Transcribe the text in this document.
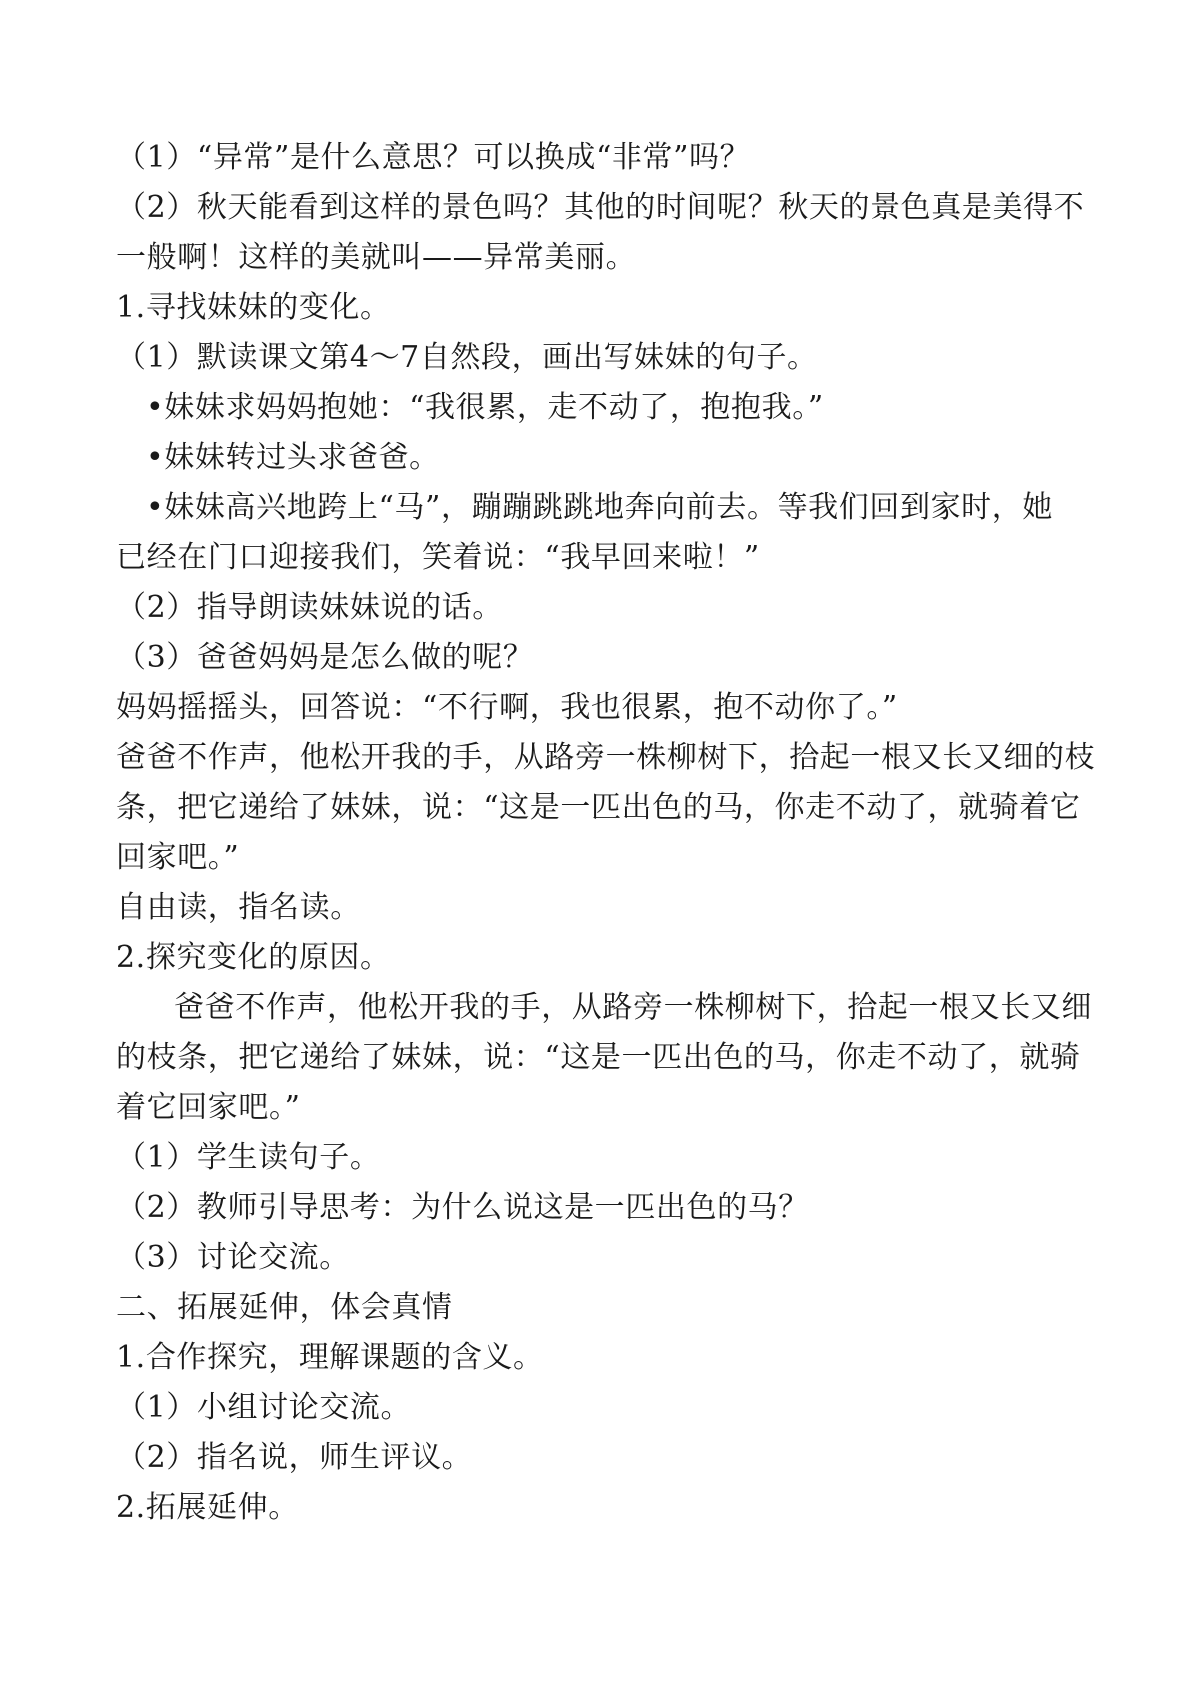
（1）“异常”是什么意思？可以换成“非常”吗？
（2）秋天能看到这样的景色吗？其他的时间呢？秋天的景色真是美得不
一般啊！这样的美就叫——异常美丽。
1.寻找妹妹的变化。
（1）默读课文第4～7自然段，画出写妹妹的句子。
•妹妹求妈妈抱她：“我很累，走不动了，抱抱我。”
•妹妹转过头求爸爸。
•妹妹高兴地跨上“马”，蹦蹦跳跳地奔向前去。等我们回到家时，她
已经在门口迎接我们，笑着说：“我早回来啦！”
（2）指导朗读妹妹说的话。
（3）爸爸妈妈是怎么做的呢？
妈妈摇摇头，回答说：“不行啊，我也很累，抱不动你了。”
爸爸不作声，他松开我的手，从路旁一株柳树下，拾起一根又长又细的枝
条，把它递给了妹妹，说：“这是一匹出色的马，你走不动了，就骑着它
回家吧。”
自由读，指名读。
2.探究变化的原因。
爸爸不作声，他松开我的手，从路旁一株柳树下，拾起一根又长又细
的枝条，把它递给了妹妹，说：“这是一匹出色的马，你走不动了，就骑
着它回家吧。”
（1）学生读句子。
（2）教师引导思考：为什么说这是一匹出色的马？
（3）讨论交流。
二、拓展延伸，体会真情
1.合作探究，理解课题的含义。
（1）小组讨论交流。
（2）指名说，师生评议。
2.拓展延伸。
